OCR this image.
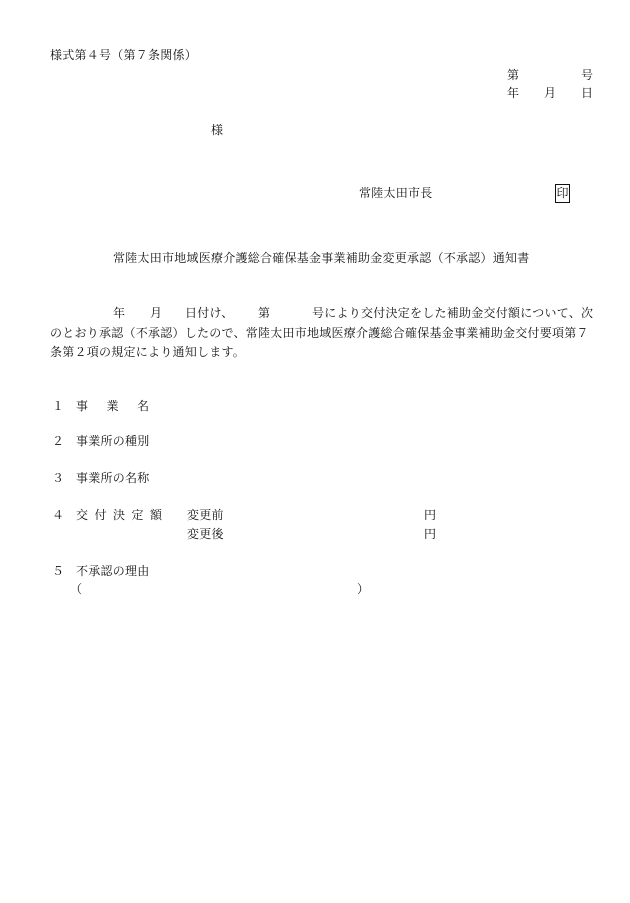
様式第４号（第７条関係）
第	号
年 月 日
様
常陸太田市長	印
常陸太田市地域医療介護総合確保基金事業補助金変更承認（不承認）通知書
年 月 日付け、 第	号により交付決定をした補助金交付額について、次
のとおり承認（不承認）したので、常陸太田市地域医療介護総合確保基金事業補助金交付要項第７
条第２項の規定により通知します。
１ 事業名
２ 事業所の種別
３ 事業所の名称
４ 交付決定額 変更前	円
変更後	円
５ 不承認の理由
（	）
